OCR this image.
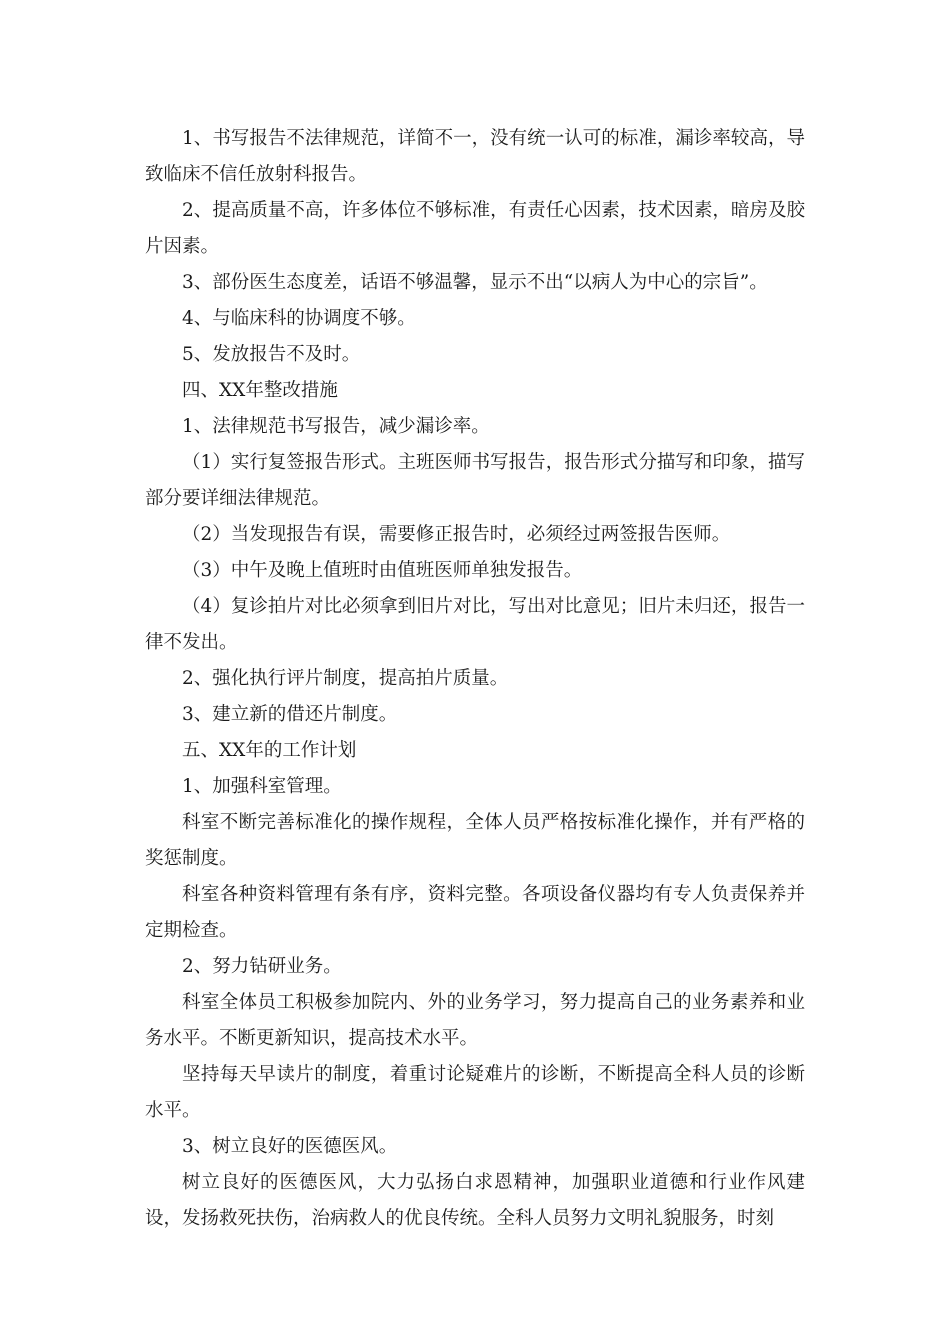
1、书写报告不法律规范，详简不一，没有统一认可的标准，漏诊率较高，导致临床不信任放射科报告。

2、提高质量不高，许多体位不够标准，有责任心因素，技术因素，暗房及胶片因素。

3、部份医生态度差，话语不够温馨，显示不出“以病人为中心的宗旨”。

4、与临床科的协调度不够。

5、发放报告不及时。

四、XX年整改措施

1、法律规范书写报告，减少漏诊率。

（1）实行复签报告形式。主班医师书写报告，报告形式分描写和印象，描写部分要详细法律规范。

（2）当发现报告有误，需要修正报告时，必须经过两签报告医师。

（3）中午及晚上值班时由值班医师单独发报告。

（4）复诊拍片对比必须拿到旧片对比，写出对比意见；旧片未归还，报告一律不发出。

2、强化执行评片制度，提高拍片质量。

3、建立新的借还片制度。

五、XX年的工作计划

1、加强科室管理。

科室不断完善标准化的操作规程，全体人员严格按标准化操作，并有严格的奖惩制度。

科室各种资料管理有条有序，资料完整。各项设备仪器均有专人负责保养并定期检查。

2、努力钻研业务。

科室全体员工积极参加院内、外的业务学习，努力提高自己的业务素养和业务水平。不断更新知识，提高技术水平。

坚持每天早读片的制度，着重讨论疑难片的诊断，不断提高全科人员的诊断水平。

3、树立良好的医德医风。

树立良好的医德医风，大力弘扬白求恩精神，加强职业道德和行业作风建设，发扬救死扶伤，治病救人的优良传统。全科人员努力文明礼貌服务，时刻
